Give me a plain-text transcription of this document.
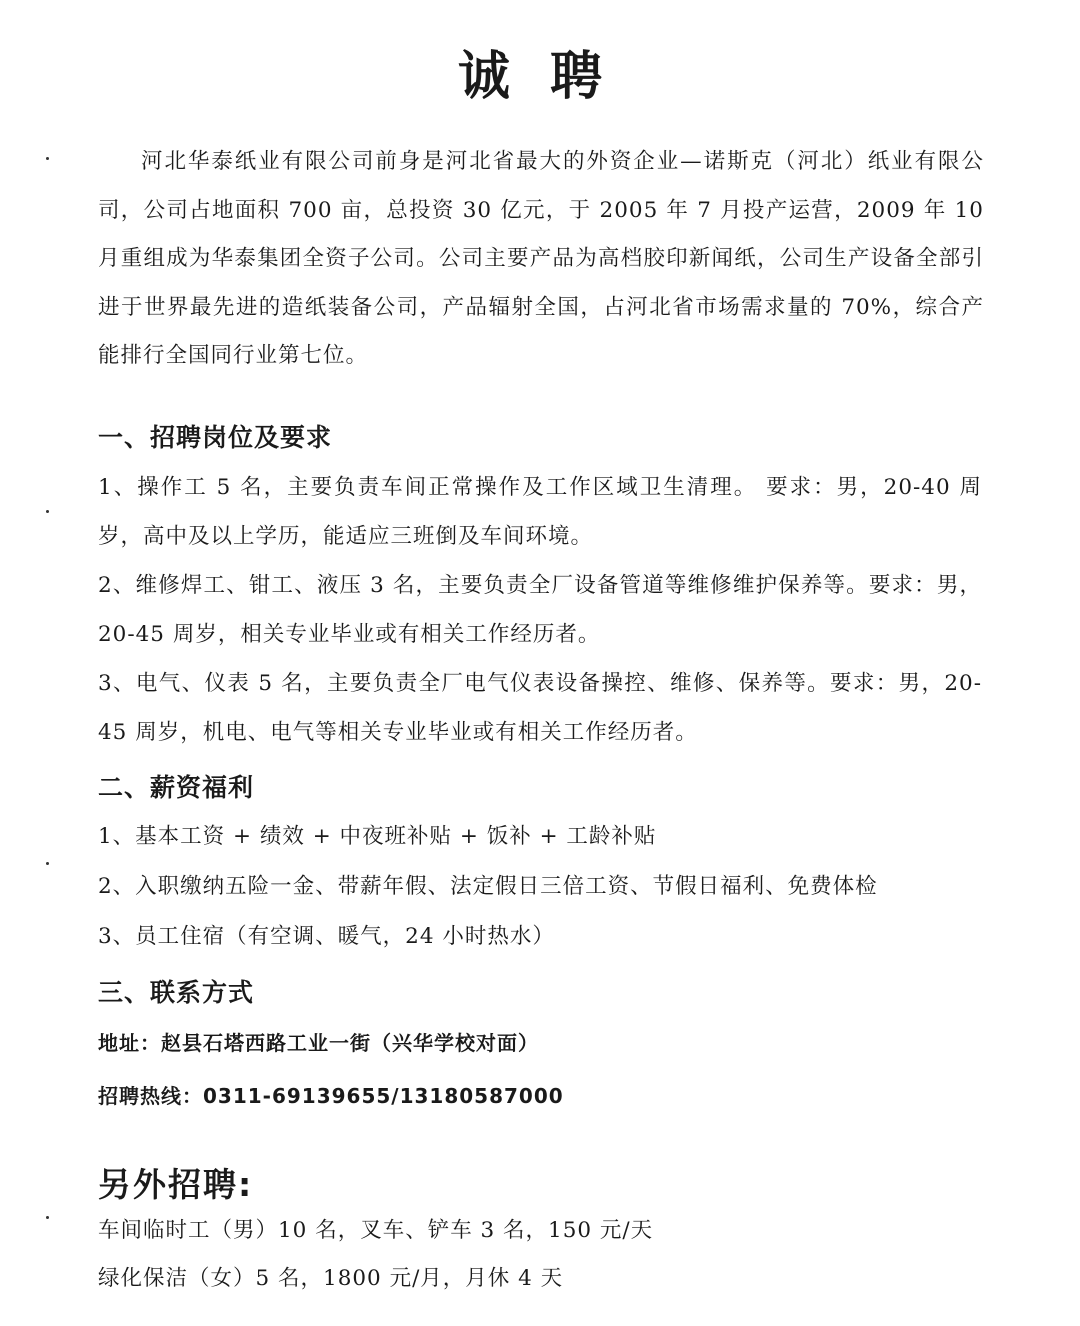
诚聘
河北华泰纸业有限公司前身是河北省最大的外资企业—诺斯克（河北）纸业有限公司，公司占地面积 700 亩，总投资 30 亿元，于 2005 年 7 月投产运营，2009 年 10 月重组成为华泰集团全资子公司。公司主要产品为高档胶印新闻纸，公司生产设备全部引进于世界最先进的造纸装备公司，产品辐射全国，占河北省市场需求量的 70%，综合产能排行全国同行业第七位。
一、招聘岗位及要求
1、操作工 5 名，主要负责车间正常操作及工作区域卫生清理。 要求：男，20-40 周岁，高中及以上学历，能适应三班倒及车间环境。
2、维修焊工、钳工、液压 3 名，主要负责全厂设备管道等维修维护保养等。要求：男，20-45 周岁，相关专业毕业或有相关工作经历者。
3、电气、仪表 5 名，主要负责全厂电气仪表设备操控、维修、保养等。要求：男，20-45 周岁，机电、电气等相关专业毕业或有相关工作经历者。
二、薪资福利
1、基本工资 + 绩效 + 中夜班补贴 + 饭补 + 工龄补贴
2、入职缴纳五险一金、带薪年假、法定假日三倍工资、节假日福利、免费体检
3、员工住宿（有空调、暖气，24 小时热水）
三、联系方式
地址：赵县石塔西路工业一街（兴华学校对面）
招聘热线：0311-69139655/13180587000
另外招聘:
车间临时工（男）10 名，叉车、铲车 3 名，150 元/天
绿化保洁（女）5 名，1800 元/月，月休 4 天
